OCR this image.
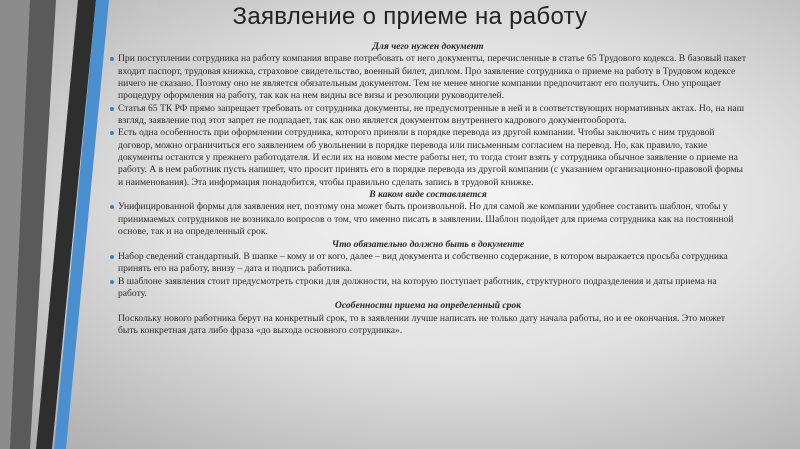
Заявление о приеме на работу

Для чего нужен документ

При поступлении сотрудника на работу компания вправе потребовать от него документы, перечисленные в статье 65 Трудового кодекса. В базовый пакет входит паспорт, трудовая книжка, страховое свидетельство, военный билет, диплом. Про заявление сотрудника о приеме на работу в Трудовом кодексе ничего не сказано. Поэтому оно не является обязательным документом. Тем не менее многие компании предпочитают его получить. Оно упрощает процедуру оформления на работу, так как на нем видны все визы и резолюции руководителей.

Статья 65 ТК РФ прямо запрещает требовать от сотрудника документы, не предусмотренные в ней и в соответствующих нормативных актах. Но, на наш взгляд, заявление под этот запрет не подпадает, так как оно является документом внутреннего кадрового документооборота.

Есть одна особенность при оформлении сотрудника, которого приняли в порядке перевода из другой компании. Чтобы заключить с ним трудовой договор, можно ограничиться его заявлением об увольнении в порядке перевода или письменным согласием на перевод. Но, как правило, такие документы остаются у прежнего работодателя. И если их на новом месте работы нет, то тогда стоит взять у сотрудника обычное заявление о приеме на работу. А в нем работник пусть напишет, что просит принять его в порядке перевода из другой компании (с указанием организационно-правовой формы и наименования). Эта информация понадобится, чтобы правильно сделать запись в трудовой книжке.

В каком виде составляется

Унифицированной формы для заявления нет, поэтому она может быть произвольной. Но для самой же компании удобнее составить шаблон, чтобы у принимаемых сотрудников не возникало вопросов о том, что именно писать в заявлении. Шаблон подойдет для приема сотрудника как на постоянной основе, так и на определенный срок.

Что обязательно должно быть в документе

Набор сведений стандартный. В шапке – кому и от кого, далее – вид документа и собственно содержание, в котором выражается просьба сотрудника принять его на работу, внизу – дата и подпись работника.

В шаблоне заявления стоит предусмотреть строки для должности, на которую поступает работник, структурного подразделения и даты приема на работу.

Особенности приема на определенный срок

Поскольку нового работника берут на конкретный срок, то в заявлении лучше написать не только дату начала работы, но и ее окончания. Это может быть конкретная дата либо фраза «до выхода основного сотрудника».
